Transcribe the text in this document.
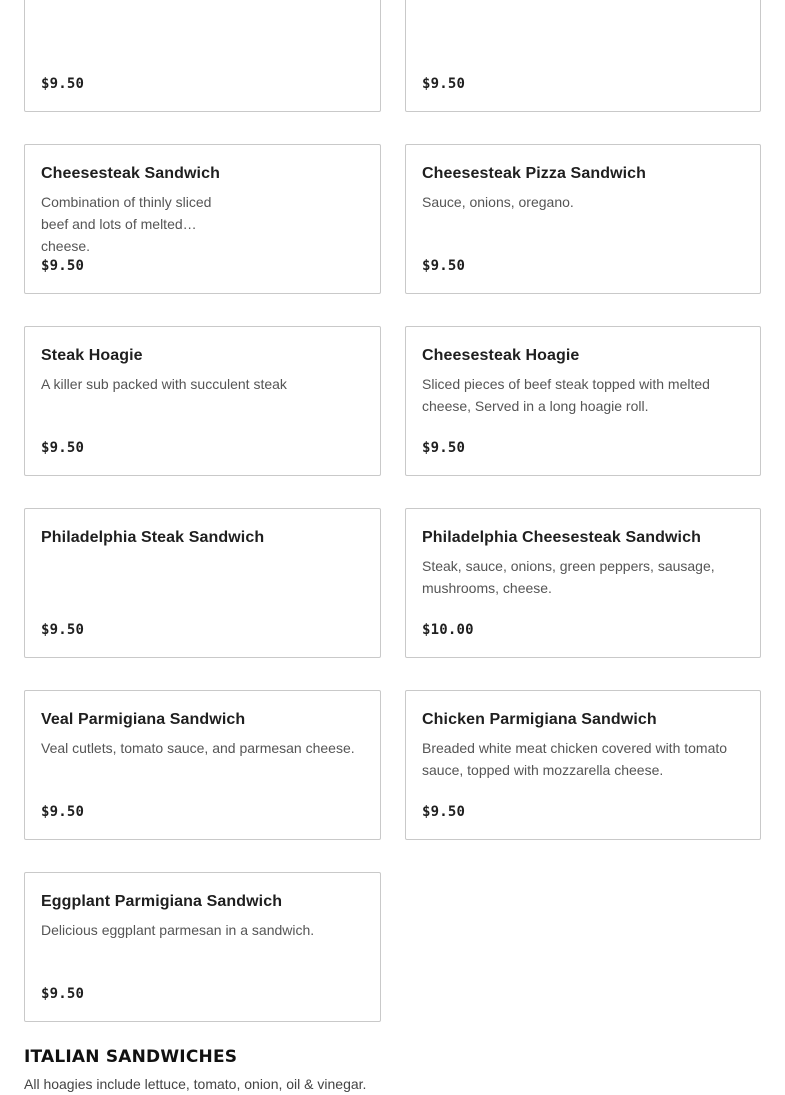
$9.50	$9.50
Cheesesteak Sandwich
Combination of thinly sliced beef and lots of melted cheese.
$9.50
Cheesesteak Pizza Sandwich
Sauce, onions, oregano.
$9.50
Steak Hoagie
A killer sub packed with succulent steak
$9.50
Cheesesteak Hoagie
Sliced pieces of beef steak topped with melted cheese, Served in a long hoagie roll.
$9.50
Philadelphia Steak Sandwich
$9.50
Philadelphia Cheesesteak Sandwich
Steak, sauce, onions, green peppers, sausage, mushrooms, cheese.
$10.00
Veal Parmigiana Sandwich
Veal cutlets, tomato sauce, and parmesan cheese.
$9.50
Chicken Parmigiana Sandwich
Breaded white meat chicken covered with tomato sauce, topped with mozzarella cheese.
$9.50
Eggplant Parmigiana Sandwich
Delicious eggplant parmesan in a sandwich.
$9.50
ITALIAN SANDWICHES
All hoagies include lettuce, tomato, onion, oil & vinegar.
